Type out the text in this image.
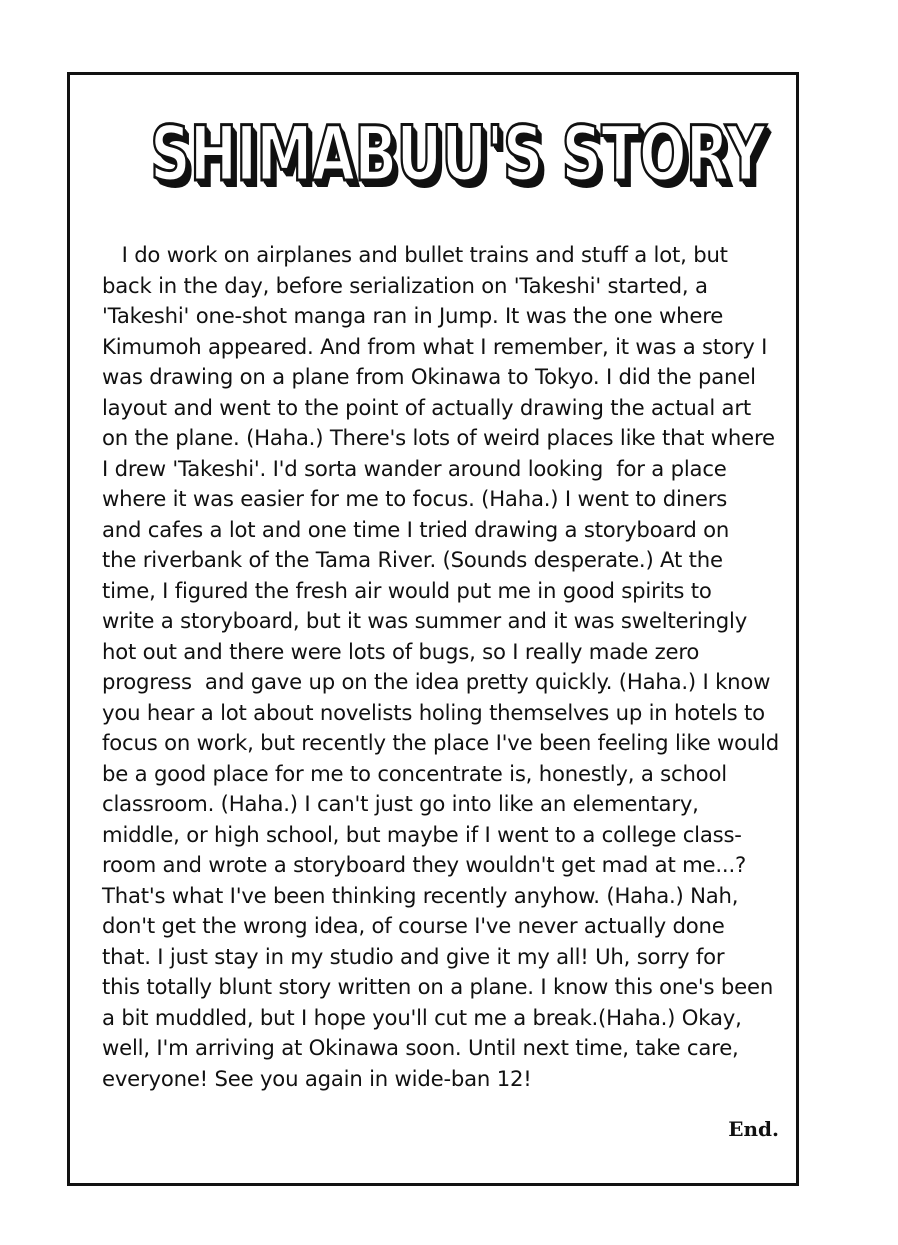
SHIMABUU'S STORY 3
I do work on airplanes and bullet trains and stuff a lot, but
back in the day, before serialization on 'Takeshi' started, a
'Takeshi' one-shot manga ran in Jump. It was the one where
Kimumoh appeared. And from what I remember, it was a story I
was drawing on a plane from Okinawa to Tokyo. I did the panel
layout and went to the point of actually drawing the actual art
on the plane. (Haha.) There's lots of weird places like that where
I drew 'Takeshi'. I'd sorta wander around looking  for a place
where it was easier for me to focus. (Haha.) I went to diners
and cafes a lot and one time I tried drawing a storyboard on
the riverbank of the Tama River. (Sounds desperate.) At the
time, I figured the fresh air would put me in good spirits to
write a storyboard, but it was summer and it was swelteringly
hot out and there were lots of bugs, so I really made zero
progress  and gave up on the idea pretty quickly. (Haha.) I know
you hear a lot about novelists holing themselves up in hotels to
focus on work, but recently the place I've been feeling like would
be a good place for me to concentrate is, honestly, a school
classroom. (Haha.) I can't just go into like an elementary,
middle, or high school, but maybe if I went to a college class-
room and wrote a storyboard they wouldn't get mad at me...?
That's what I've been thinking recently anyhow. (Haha.) Nah,
don't get the wrong idea, of course I've never actually done
that. I just stay in my studio and give it my all! Uh, sorry for
this totally blunt story written on a plane. I know this one's been
a bit muddled, but I hope you'll cut me a break.(Haha.) Okay,
well, I'm arriving at Okinawa soon. Until next time, take care,
everyone! See you again in wide-ban 12!
End.
